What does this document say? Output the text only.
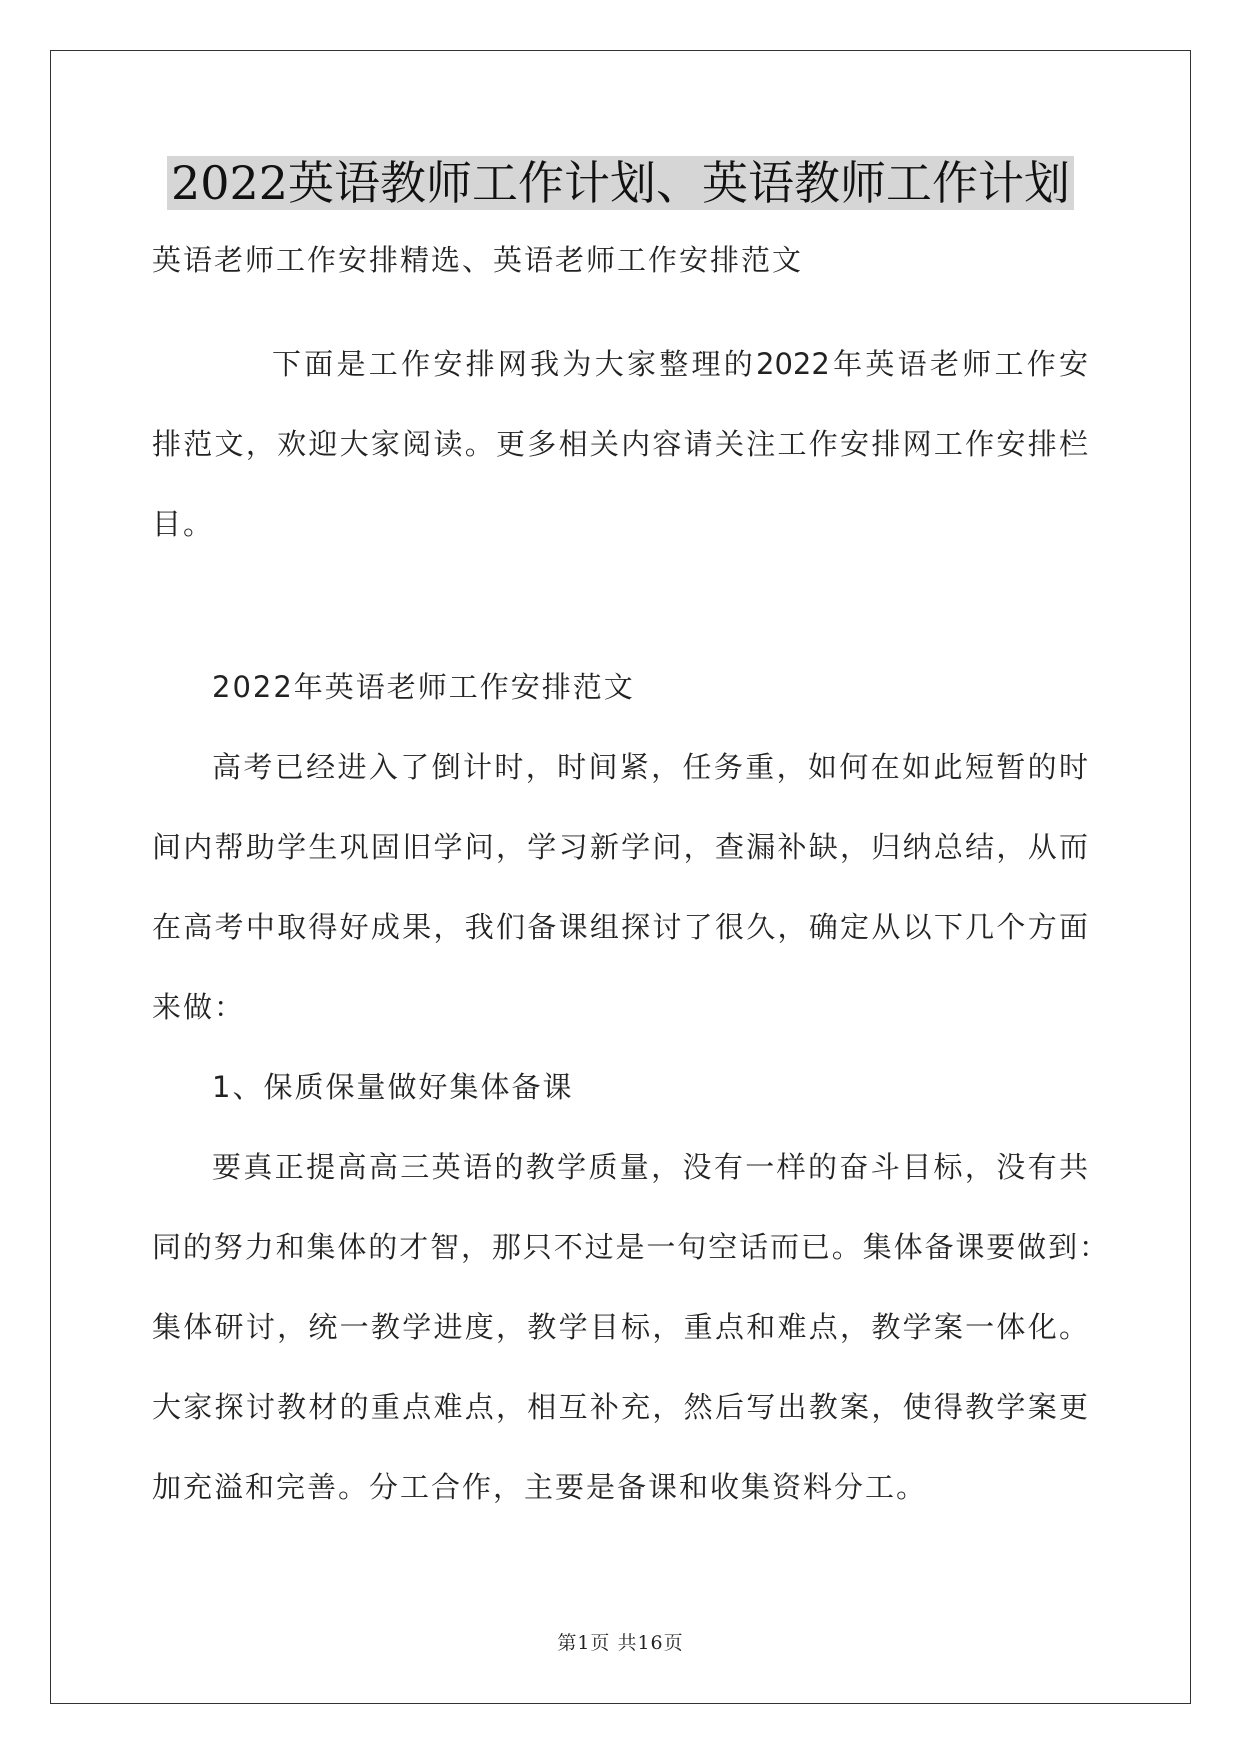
2022英语教师工作计划、英语教师工作计划
英语老师工作安排精选、英语老师工作安排范文
下面是工作安排网我为大家整理的2022年英语老师工作安
排范文，欢迎大家阅读。更多相关内容请关注工作安排网工作安排栏
目。
2022年英语老师工作安排范文
高考已经进入了倒计时，时间紧，任务重，如何在如此短暂的时
间内帮助学生巩固旧学问，学习新学问，查漏补缺，归纳总结，从而
在高考中取得好成果，我们备课组探讨了很久，确定从以下几个方面
来做：
1、保质保量做好集体备课
要真正提高高三英语的教学质量，没有一样的奋斗目标，没有共
同的努力和集体的才智，那只不过是一句空话而已。集体备课要做到：
集体研讨，统一教学进度，教学目标，重点和难点，教学案一体化。
大家探讨教材的重点难点，相互补充，然后写出教案，使得教学案更
加充溢和完善。分工合作，主要是备课和收集资料分工。
第1页 共16页
